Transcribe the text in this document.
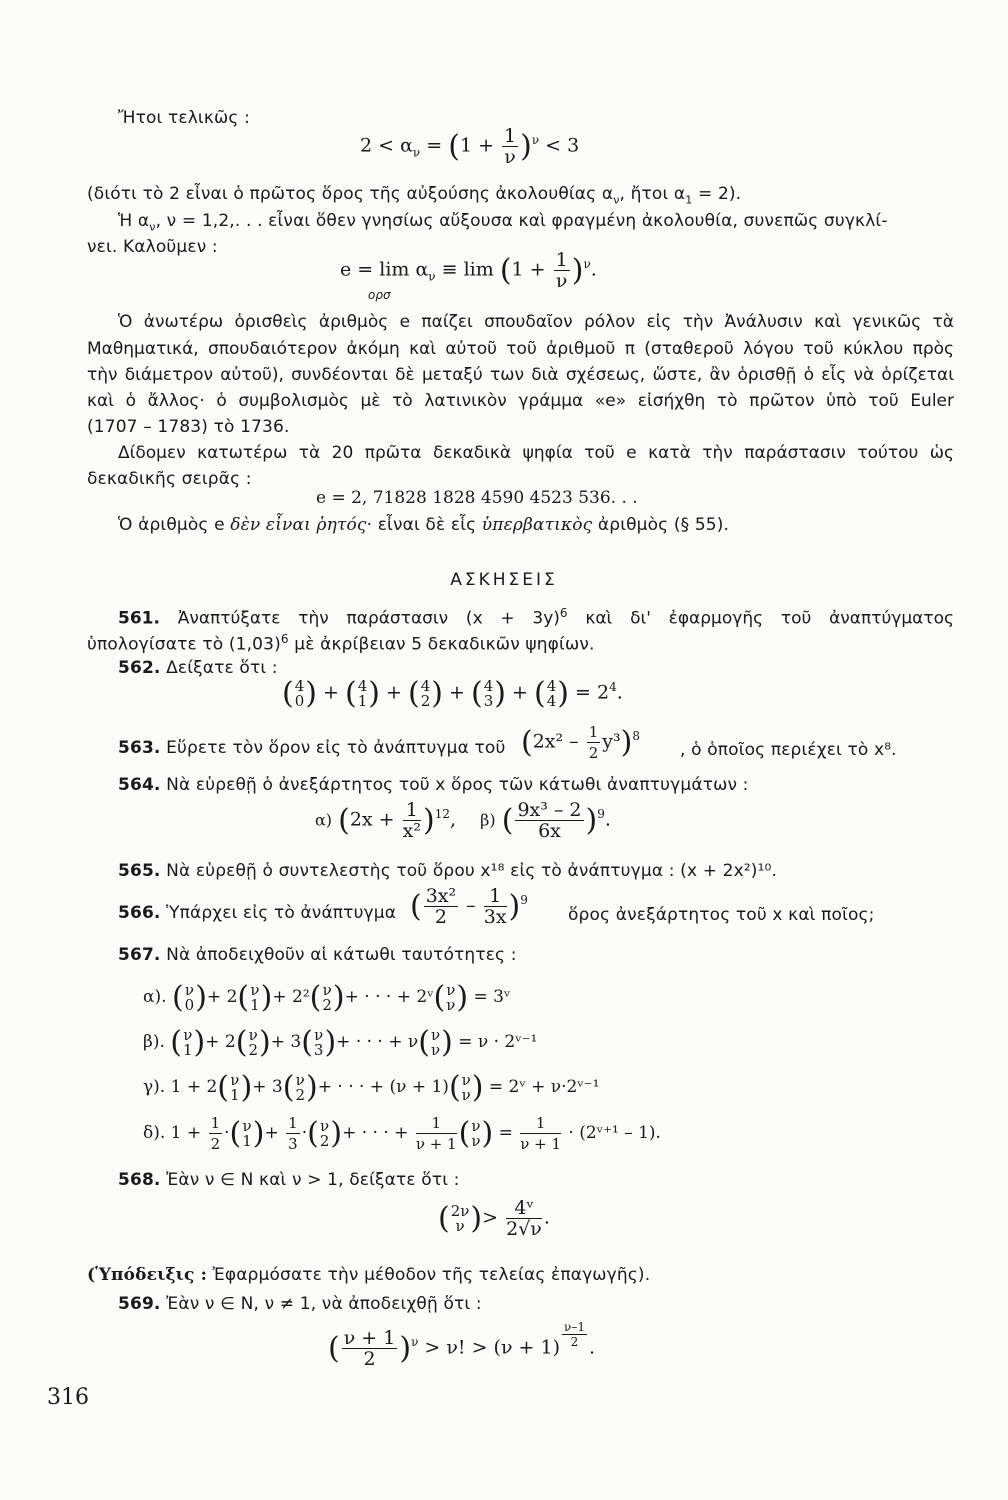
Ἤτοι τελικῶς :
$2 < \alpha_\nu = (1 + \frac{1}{\nu} )^\nu < 3$
(διότι τὸ 2 εἶναι ὁ πρῶτος ὅρος τῆς αὐξούσης ἀκολουθίας $\alpha_\nu$, ἤτοι $\alpha_1 = 2$).
Ἡ $\alpha_\nu$, ν = 1,2,. . . εἶναι ὅθεν γνησίως αὔξουσα καὶ φραγμένη ἀκολουθία, συνεπῶς συγκλί-
νει. Καλοῦμεν :
$e = \lim \alpha_\nu \equiv \lim (1 + \frac{1}{\nu} )^\nu$.
ορσ
Ὁ ἀνωτέρω ὁρισθεὶς ἀριθμὸς e παίζει σπουδαῖον ρόλον εἰς τὴν Ἀνάλυσιν καὶ γενικῶς τὰ
Μαθηματικά, σπουδαιότερον ἀκόμη καὶ αὐτοῦ τοῦ ἀριθμοῦ π (σταθεροῦ λόγου τοῦ κύκλου πρὸς
τὴν διάμετρον αὐτοῦ), συνδέονται δὲ μεταξύ των διὰ σχέσεως, ὥστε, ἂν ὁρισθῇ ὁ εἷς νὰ ὁρίζεται
καὶ ὁ ἄλλος· ὁ συμβολισμὸς μὲ τὸ λατινικὸν γράμμα «e» εἰσήχθη τὸ πρῶτον ὑπὸ τοῦ Euler
(1707 – 1783) τὸ 1736.
Δίδομεν κατωτέρω τὰ 20 πρῶτα δεκαδικὰ ψηφία τοῦ e κατὰ τὴν παράστασιν τούτου ὡς
δεκαδικῆς σειρᾶς :
e = 2, 71828 1828 4590 4523 536. . .
Ὁ ἀριθμὸς e δὲν εἶναι ῥητός· εἶναι δὲ εἷς ὑπερβατικὸς ἀριθμὸς (§ 55).
ΑΣΚΗΣΕΙΣ
561. Ἀναπτύξατε τὴν παράστασιν $(x + 3y)^6$ καὶ δι' ἐφαρμογῆς τοῦ ἀναπτύγματος
ὑπολογίσατε τὸ $(1,03)^6$ μὲ ἀκρίβειαν 5 δεκαδικῶν ψηφίων.
562. Δείξατε ὅτι :
(4
0) + (4
1) + (4
2) + (4
3) + (4
$4) = 2^4$.
563. Εὕρετε τὸν ὅρον εἰς τὸ ἀνάπτυγμα τοῦ $(2x^2 - \frac{1}{2} y^3)^8$
, ὁ ὁποῖος περιέχει τὸ x⁸.
564. Νὰ εὑρεθῇ ὁ ἀνεξάρτητος τοῦ x ὅρος τῶν κάτωθι ἀναπτυγμάτων :
α) $(2x + \frac{1}{\text{x²}} )^{12}$,    β) ( $\frac{\text{9x³ – 2}}{6x} )^9$.
565. Νὰ εὑρεθῇ ὁ συντελεστὴς τοῦ ὅρου x¹⁸ εἰς τὸ ἀνάπτυγμα : (x + 2x²)¹⁰.
566. Ὑπάρχει εἰς τὸ ἀνάπτυγμα ( $\frac{\text{3x²}}{2} - \frac{1}{3x} )^9$
ὅρος ἀνεξάρτητος τοῦ x καὶ ποῖος;
567. Νὰ ἀποδειχθοῦν αἱ κάτωθι ταυτότητες :
α). (ν
0)+ 2(ν
1)+ 2²(ν
2)+ · · · + 2ᵛ(ν
ν) = 3ᵛ
β). (ν
1)+ 2(ν
2)+ 3(ν
3)+ · · · + ν(ν
ν) = ν · 2ᵛ⁻¹
γ). 1 + 2(ν
1)+ 3(ν
2)+ · · · + (ν + 1)(ν
ν) = 2ᵛ + ν·2ᵛ⁻¹
δ). $1 + \frac{1}{2} \cdot(\nu$
$1)+ \frac{1}{3} \cdot(\nu$
2)+ · · · + $\frac{1}{\nu + 1} (\nu$
$\nu) = \frac{1}{\nu + 1}$ · (2ᵛ⁺¹ – 1).
568. Ἐὰν ν ∈ N καὶ ν > 1, δείξατε ὅτι :
(2ν
ν )> $\frac{\text{4ᵛ}}{2√\nu}$ .
(Ὑπόδειξις : Ἐφαρμόσατε τὴν μέθοδον τῆς τελείας ἐπαγωγῆς).
569. Ἐὰν ν ∈ N, ν ≠ 1, νὰ ἀποδειχθῇ ὅτι :
( $\frac{\nu + 1}{2} )^\nu > \nu$! > $(\nu + 1) \frac{\nu-1}{2}$ .
316
